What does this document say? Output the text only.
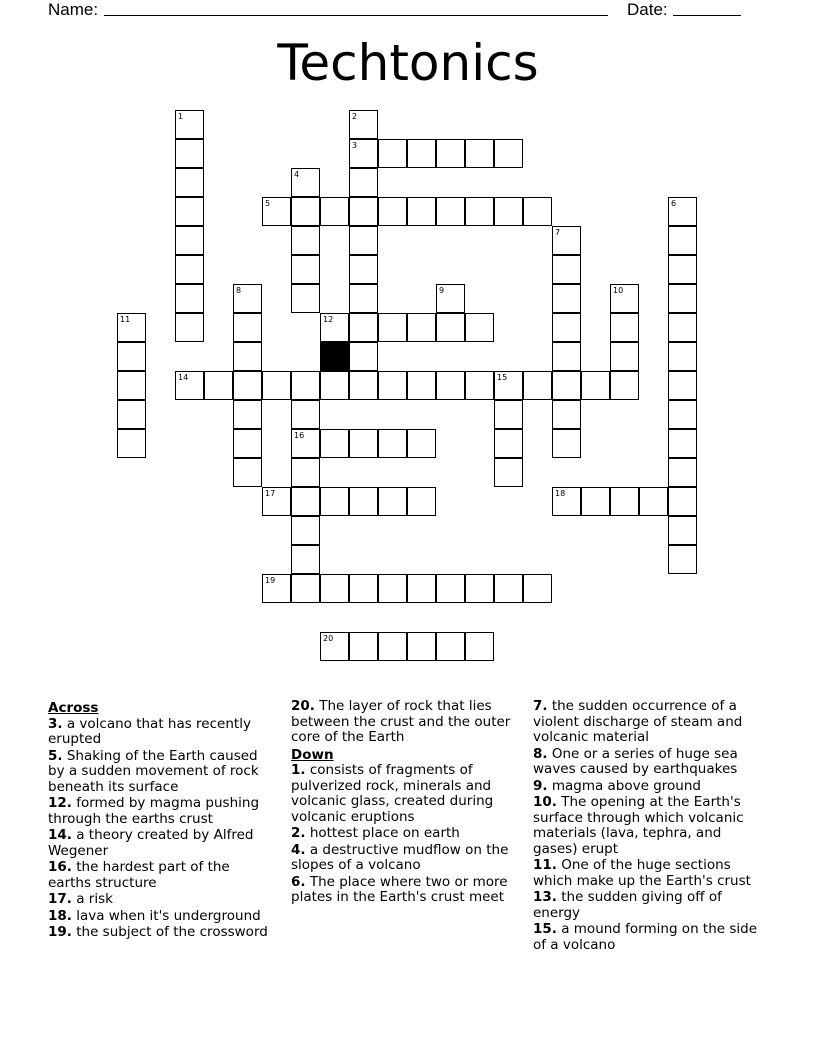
Name:	Date:
Techtonics
3
5
12
14	15
16
17	18
19
20
1	2
4
6
7
8	9	10
11
Across
3. a volcano that has recently erupted
5. Shaking of the Earth caused by a sudden movement of rock beneath its surface
12. formed by magma pushing through the earths crust
14. a theory created by Alfred Wegener
16. the hardest part of the earths structure
17. a risk
18. lava when it's underground
19. the subject of the crossword
20. The layer of rock that lies between the crust and the outer core of the Earth
Down
1. consists of fragments of pulverized rock, minerals and volcanic glass, created during volcanic eruptions
2. hottest place on earth
4. a destructive mudflow on the slopes of a volcano
6. The place where two or more plates in the Earth's crust meet
7. the sudden occurrence of a violent discharge of steam and volcanic material
8. One or a series of huge sea waves caused by earthquakes
9. magma above ground
10. The opening at the Earth's surface through which volcanic materials (lava, tephra, and gases) erupt
11. One of the huge sections which make up the Earth's crust
13. the sudden giving off of energy
15. a mound forming on the side of a volcano
